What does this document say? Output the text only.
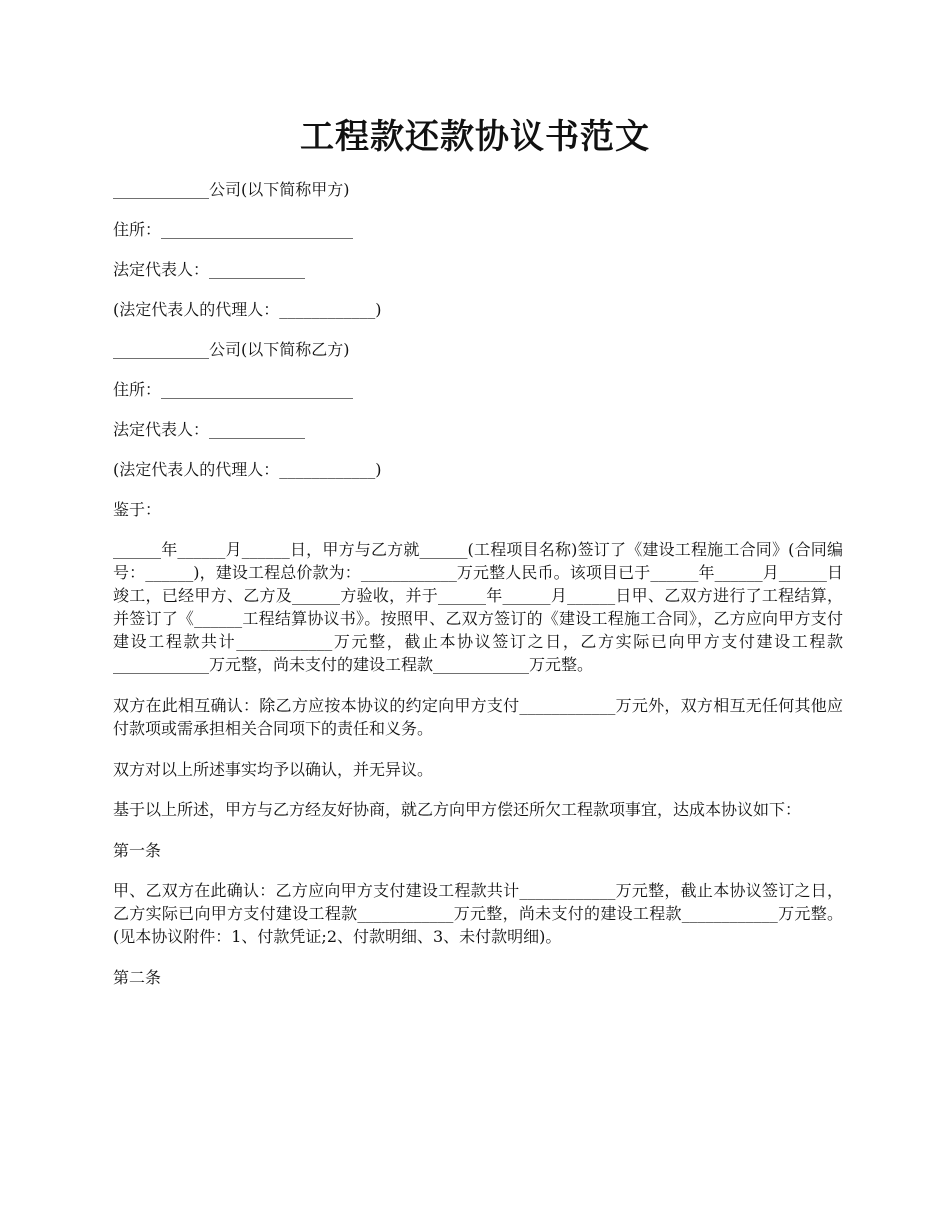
工程款还款协议书范文

____________公司(以下简称甲方)

住所：________________________

法定代表人：____________

(法定代表人的代理人：____________)

____________公司(以下简称乙方)

住所：________________________

法定代表人：____________

(法定代表人的代理人：____________)

鉴于：

______年______月______日，甲方与乙方就______(工程项目名称)签订了《建设工程施工合同》(合同编号：______)，建设工程总价款为：____________万元整人民币。该项目已于______年______月______日竣工，已经甲方、乙方及______方验收，并于______年______月______日甲、乙双方进行了工程结算，并签订了《______工程结算协议书》。按照甲、乙双方签订的《建设工程施工合同》，乙方应向甲方支付建设工程款共计____________万元整，截止本协议签订之日，乙方实际已向甲方支付建设工程款____________万元整，尚未支付的建设工程款____________万元整。

双方在此相互确认：除乙方应按本协议的约定向甲方支付____________万元外，双方相互无任何其他应付款项或需承担相关合同项下的责任和义务。

双方对以上所述事实均予以确认，并无异议。

基于以上所述，甲方与乙方经友好协商，就乙方向甲方偿还所欠工程款项事宜，达成本协议如下：

第一条

甲、乙双方在此确认：乙方应向甲方支付建设工程款共计____________万元整，截止本协议签订之日，乙方实际已向甲方支付建设工程款____________万元整，尚未支付的建设工程款____________万元整。(见本协议附件：1、付款凭证;2、付款明细、3、未付款明细)。

第二条
